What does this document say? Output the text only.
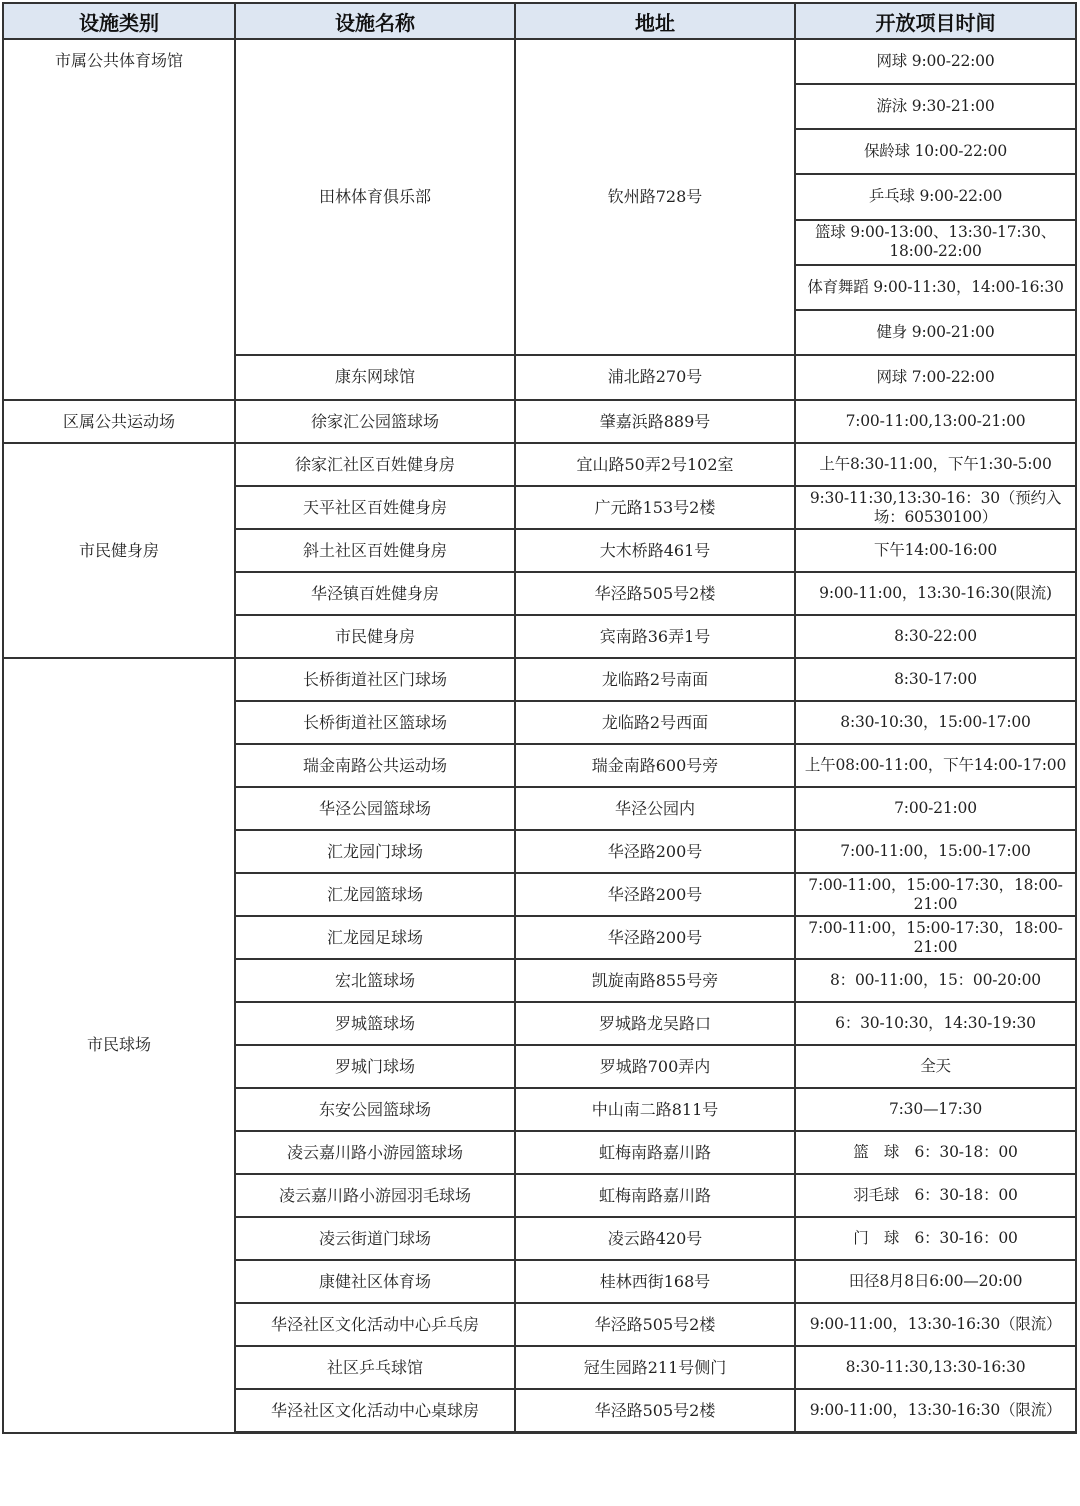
设施类别	设施名称	地址	开放项目时间
市属公共体育场馆	田林体育俱乐部	钦州路728号	网球 9:00-22:00
			游泳 9:30-21:00
			保龄球 10:00-22:00
			乒乓球 9:00-22:00
			篮球 9:00-13:00、13:30-17:30、18:00-22:00
			体育舞蹈 9:00-11:30，14:00-16:30
			健身 9:00-21:00
	康东网球馆	浦北路270号	网球 7:00-22:00
区属公共运动场	徐家汇公园篮球场	肇嘉浜路889号	7:00-11:00,13:00-21:00
市民健身房	徐家汇社区百姓健身房	宜山路50弄2号102室	上午8:30-11:00，下午1:30-5:00
	天平社区百姓健身房	广元路153号2楼	9:30-11:30,13:30-16：30（预约入场：60530100）
	斜土社区百姓健身房	大木桥路461号	下午14:00-16:00
	华泾镇百姓健身房	华泾路505号2楼	9:00-11:00，13:30-16:30(限流)
	市民健身房	宾南路36弄1号	8:30-22:00
市民球场	长桥街道社区门球场	龙临路2号南面	8:30-17:00
	长桥街道社区篮球场	龙临路2号西面	8:30-10:30，15:00-17:00
	瑞金南路公共运动场	瑞金南路600号旁	上午08:00-11:00，下午14:00-17:00
	华泾公园篮球场	华泾公园内	7:00-21:00
	汇龙园门球场	华泾路200号	7:00-11:00，15:00-17:00
	汇龙园篮球场	华泾路200号	7:00-11:00，15:00-17:30，18:00-21:00
	汇龙园足球场	华泾路200号	7:00-11:00，15:00-17:30，18:00-21:00
	宏北篮球场	凯旋南路855号旁	8：00-11:00，15：00-20:00
	罗城篮球场	罗城路龙吴路口	6：30-10:30，14:30-19:30
	罗城门球场	罗城路700弄内	全天
	东安公园篮球场	中山南二路811号	7:30—17:30
	凌云嘉川路小游园篮球场	虹梅南路嘉川路	篮　球　6：30-18：00
	凌云嘉川路小游园羽毛球场	虹梅南路嘉川路	羽毛球　6：30-18：00
	凌云街道门球场	凌云路420号	门　球　6：30-16：00
	康健社区体育场	桂林西街168号	田径8月8日6:00—20:00
	华泾社区文化活动中心乒乓房	华泾路505号2楼	9:00-11:00，13:30-16:30（限流）
	社区乒乓球馆	冠生园路211号侧门	8:30-11:30,13:30-16:30
	华泾社区文化活动中心桌球房	华泾路505号2楼	9:00-11:00，13:30-16:30（限流）
